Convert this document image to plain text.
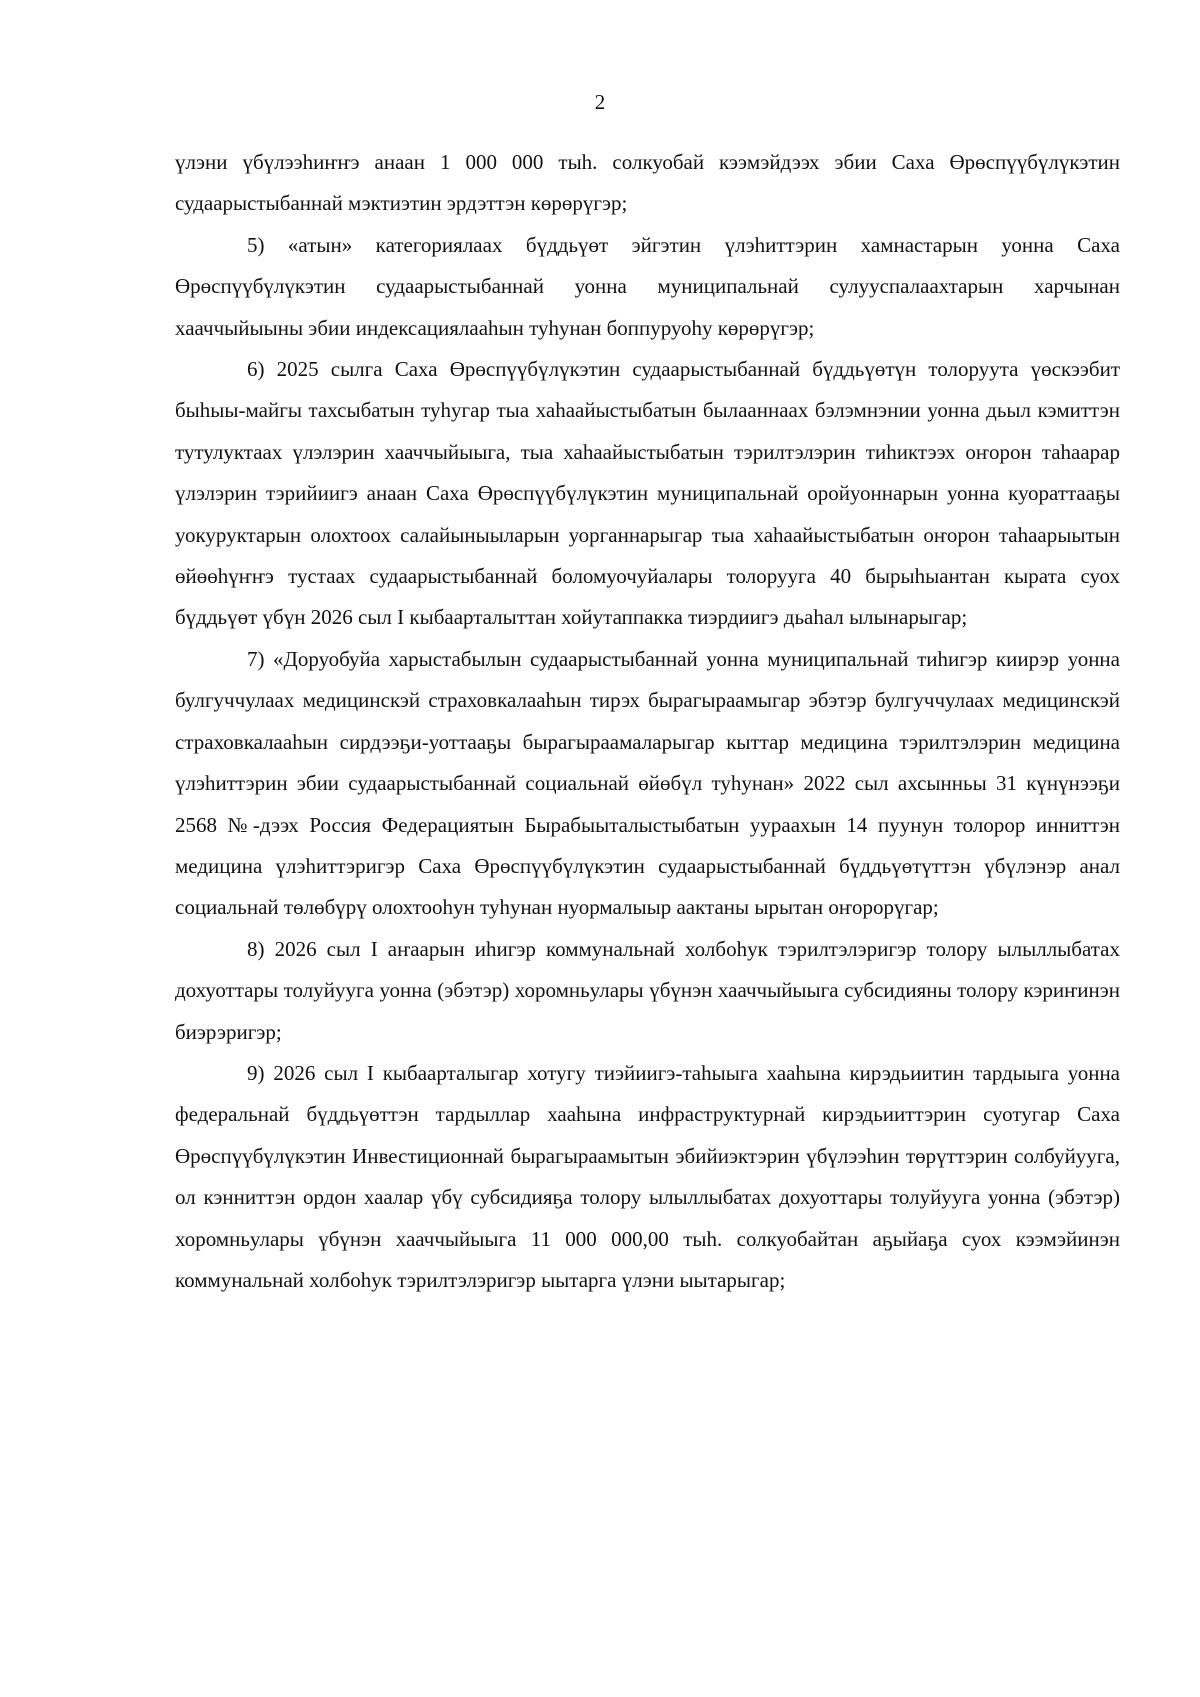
2

үлэни үбүлээһиҥҥэ анаан 1 000 000 тыһ. солкуобай кээмэйдээх эбии Саха Өрөспүүбүлүкэтин судаарыстыбаннай мэктиэтин эрдэттэн көрөрүгэр;

5) «атын» категориялаах бүддьүөт эйгэтин үлэһиттэрин хамнастарын уонна Саха Өрөспүүбүлүкэтин судаарыстыбаннай уонна муниципальнай сулууспалаахтарын харчынан хааччыйыыны эбии индексациялааһын туһунан боппуруоһу көрөрүгэр;

6) 2025 сылга Саха Өрөспүүбүлүкэтин судаарыстыбаннай бүддьүөтүн толоруута үөскээбит быһыы-майгы тахсыбатын туһугар тыа хаһаайыстыбатын былааннаах бэлэмнэнии уонна дьыл кэмиттэн тутулуктаах үлэлэрин хааччыйыыга, тыа хаһаайыстыбатын тэрилтэлэрин тиһиктээх оҥорон таһаарар үлэлэрин тэрийиигэ анаан Саха Өрөспүүбүлүкэтин муниципальнай оройуоннарын уонна куораттааҕы уокуруктарын олохтоох салайыныыларын уорганнарыгар тыа хаһаайыстыбатын оҥорон таһаарыытын өйөөһүҥҥэ тустаах судаарыстыбаннай боломуочуйалары толорууга 40 бырыһыантан кырата суох бүддьүөт үбүн 2026 сыл I кыбаарталыттан хойутаппакка тиэрдиигэ дьаһал ылынарыгар;

7) «Доруобуйа харыстабылын судаарыстыбаннай уонна муниципальнай тиһигэр киирэр уонна булгуччулаах медицинскэй страховкалааһын тирэх бырагыраамыгар эбэтэр булгуччулаах медицинскэй страховкалааһын сирдээҕи-уоттааҕы бырагыраамаларыгар кыттар медицина тэрилтэлэрин медицина үлэһиттэрин эбии судаарыстыбаннай социальнай өйөбүл туһунан» 2022 сыл ахсынньы 31 күнүнээҕи 2568 №-дээх Россия Федерациятын Бырабыыталыстыбатын уураахын 14 пуунун толорор инниттэн медицина үлэһиттэригэр Саха Өрөспүүбүлүкэтин судаарыстыбаннай бүддьүөтүттэн үбүлэнэр анал социальнай төлөбүрү олохтооһун туһунан нуормалыыр аактаны ырытан оҥорорүгар;

8) 2026 сыл I аҥаарын иһигэр коммунальнай холбоһук тэрилтэлэригэр толору ылыллыбатах дохуоттары толуйууга уонна (эбэтэр) хоромньулары үбүнэн хааччыйыыга субсидияны толору кэриҥинэн биэрэригэр;

9) 2026 сыл I кыбаарталыгар хотугу тиэйиигэ-таһыыга хааһына кирэдьиитин тардыыга уонна федеральнай бүддьүөттэн тардыллар хааһына инфраструктурнай кирэдьииттэрин суотугар Саха Өрөспүүбүлүкэтин Инвестиционнай бырагыраамытын эбийиэктэрин үбүлээһин төрүттэрин солбуйууга, ол кэнниттэн ордон хаалар үбү субсидияҕа толору ылыллыбатах дохуоттары толуйууга уонна (эбэтэр) хоромньулары үбүнэн хааччыйыыга 11 000 000,00 тыһ. солкуобайтан аҕыйаҕа суох кээмэйинэн коммунальнай холбоһук тэрилтэлэригэр ыытарга үлэни ыытарыгар;
